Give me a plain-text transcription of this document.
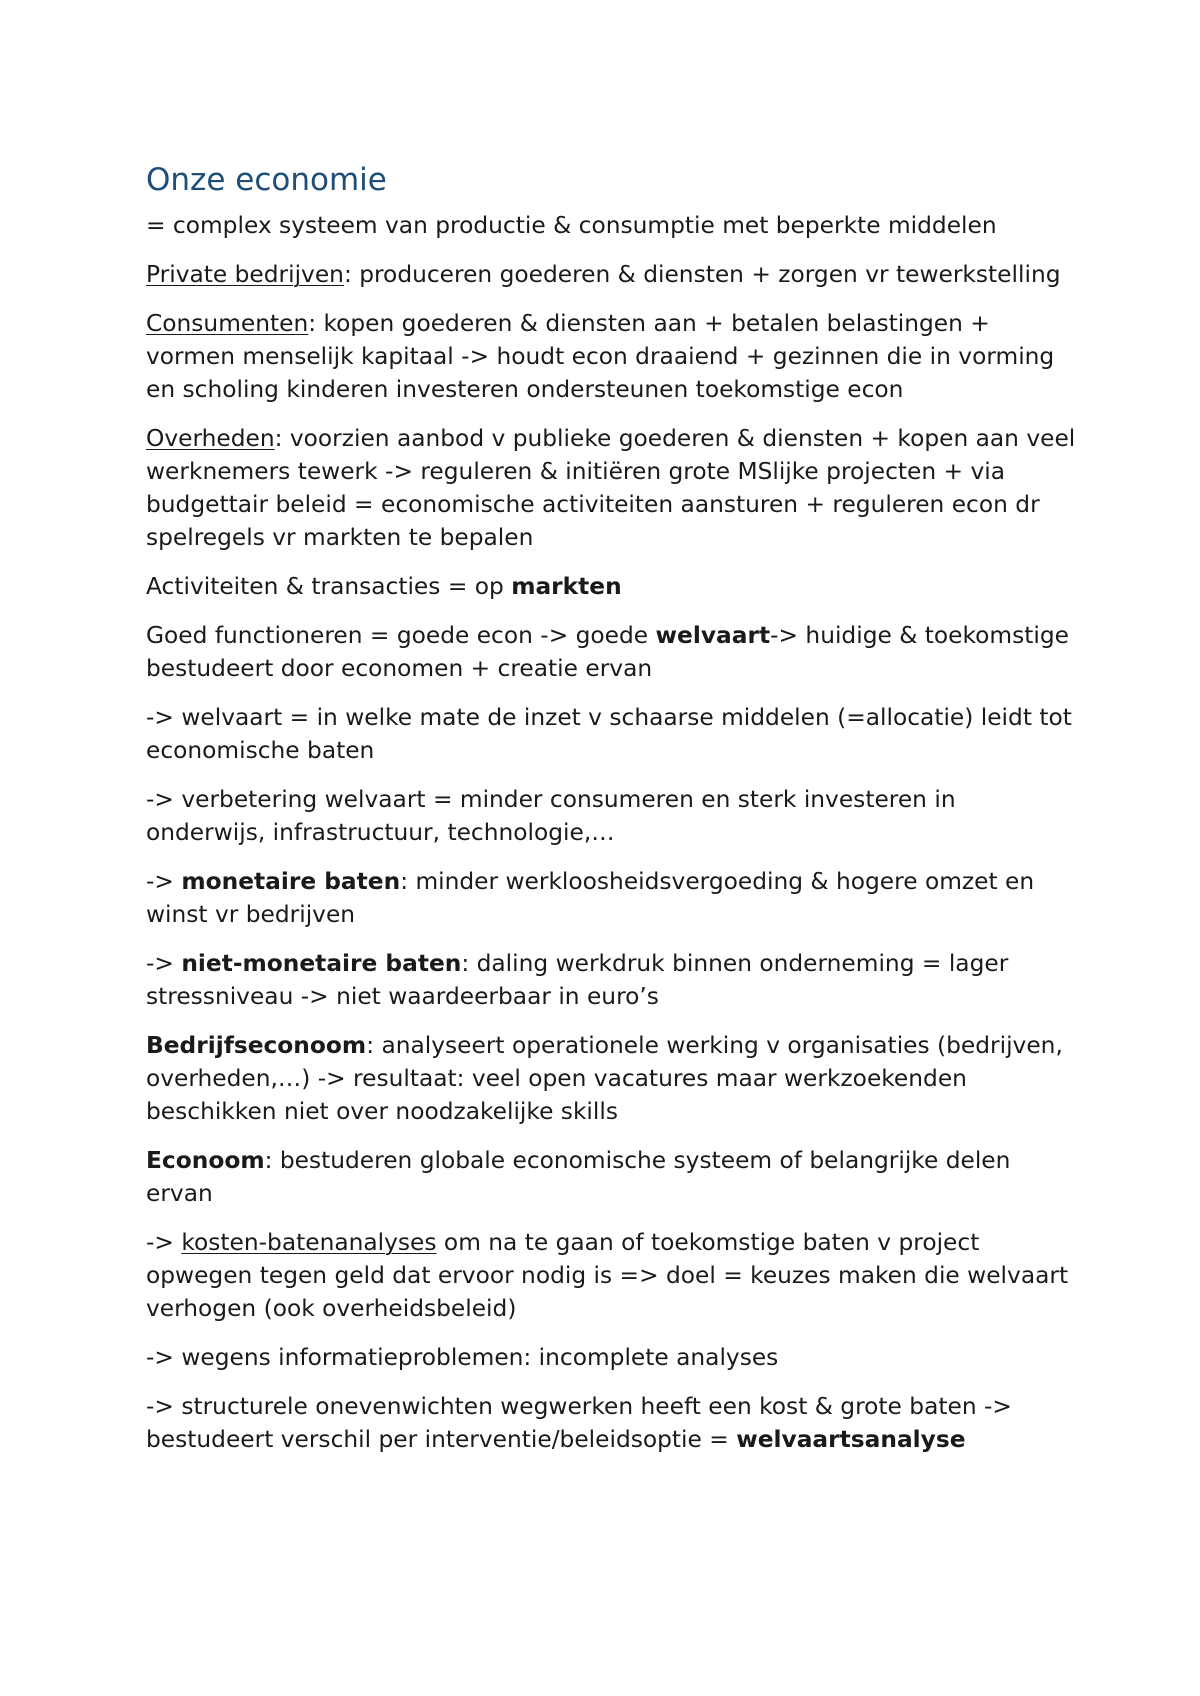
Onze economie

= complex systeem van productie & consumptie met beperkte middelen

Private bedrijven: produceren goederen & diensten + zorgen vr tewerkstelling

Consumenten: kopen goederen & diensten aan + betalen belastingen + vormen menselijk kapitaal -> houdt econ draaiend + gezinnen die in vorming en scholing kinderen investeren ondersteunen toekomstige econ

Overheden: voorzien aanbod v publieke goederen & diensten + kopen aan veel werknemers tewerk -> reguleren & initiëren grote MSlijke projecten + via budgettair beleid = economische activiteiten aansturen + reguleren econ dr spelregels vr markten te bepalen

Activiteiten & transacties = op markten

Goed functioneren = goede econ -> goede welvaart-> huidige & toekomstige bestudeert door economen + creatie ervan

-> welvaart = in welke mate de inzet v schaarse middelen (=allocatie) leidt tot economische baten

-> verbetering welvaart = minder consumeren en sterk investeren in onderwijs, infrastructuur, technologie,…

-> monetaire baten: minder werkloosheidsvergoeding & hogere omzet en winst vr bedrijven

-> niet-monetaire baten: daling werkdruk binnen onderneming = lager stressniveau -> niet waardeerbaar in euro’s

Bedrijfseconoom: analyseert operationele werking v organisaties (bedrijven, overheden,…) -> resultaat: veel open vacatures maar werkzoekenden beschikken niet over noodzakelijke skills

Econoom: bestuderen globale economische systeem of belangrijke delen ervan

-> kosten-batenanalyses om na te gaan of toekomstige baten v project opwegen tegen geld dat ervoor nodig is => doel = keuzes maken die welvaart verhogen (ook overheidsbeleid)

-> wegens informatieproblemen: incomplete analyses

-> structurele onevenwichten wegwerken heeft een kost & grote baten -> bestudeert verschil per interventie/beleidsoptie = welvaartsanalyse
